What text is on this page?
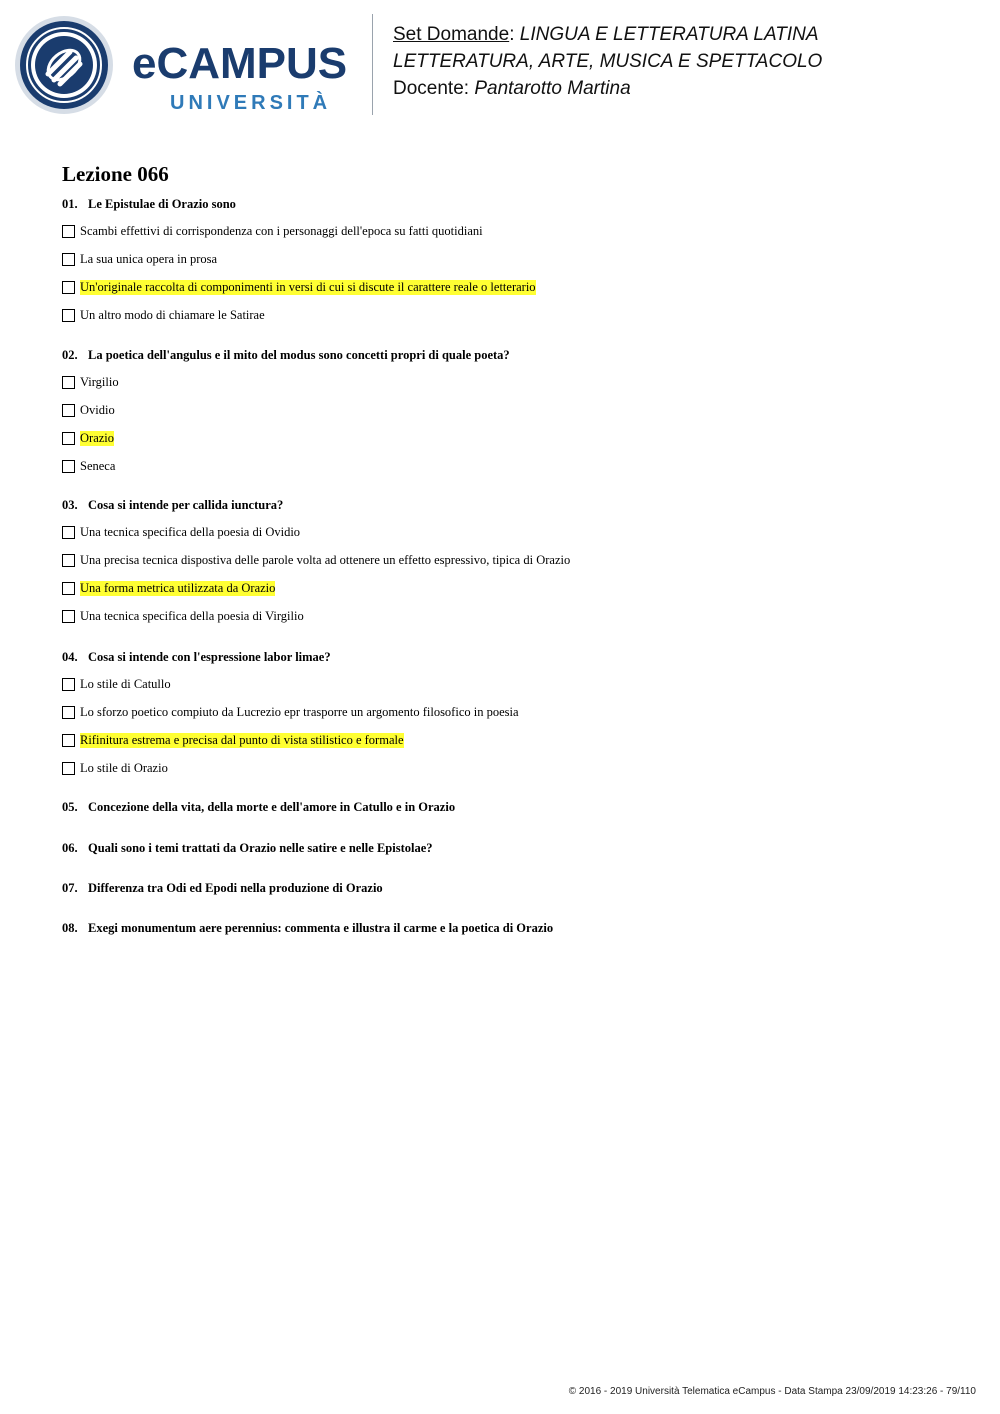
eCAMPUS
UNIVERSITÀ
Set Domande: LINGUA E LETTERATURA LATINA
LETTERATURA, ARTE, MUSICA E SPETTACOLO
Docente: Pantarotto Martina
Lezione 066
01. Le Epistulae di Orazio sono
Scambi effettivi di corrispondenza con i personaggi dell'epoca su fatti quotidiani
La sua unica opera in prosa
Un'originale raccolta di componimenti in versi di cui si discute il carattere reale o letterario
Un altro modo di chiamare le Satirae
02. La poetica dell'angulus e il mito del modus sono concetti propri di quale poeta?
Virgilio
Ovidio
Orazio
Seneca
03. Cosa si intende per callida iunctura?
Una tecnica specifica della poesia di Ovidio
Una precisa tecnica dispostiva delle parole volta ad ottenere un effetto espressivo, tipica di Orazio
Una forma metrica utilizzata da Orazio
Una tecnica specifica della poesia di Virgilio
04. Cosa si intende con l'espressione labor limae?
Lo stile di Catullo
Lo sforzo poetico compiuto da Lucrezio epr trasporre un argomento filosofico in poesia
Rifinitura estrema e precisa dal punto di vista stilistico e formale
Lo stile di Orazio
05. Concezione della vita, della morte e dell'amore in Catullo e in Orazio
06. Quali sono i temi trattati da Orazio nelle satire e nelle Epistolae?
07. Differenza tra Odi ed Epodi nella produzione di Orazio
08. Exegi monumentum aere perennius: commenta e illustra il carme e la poetica di Orazio
© 2016 - 2019 Università Telematica eCampus - Data Stampa 23/09/2019 14:23:26 - 79/110
